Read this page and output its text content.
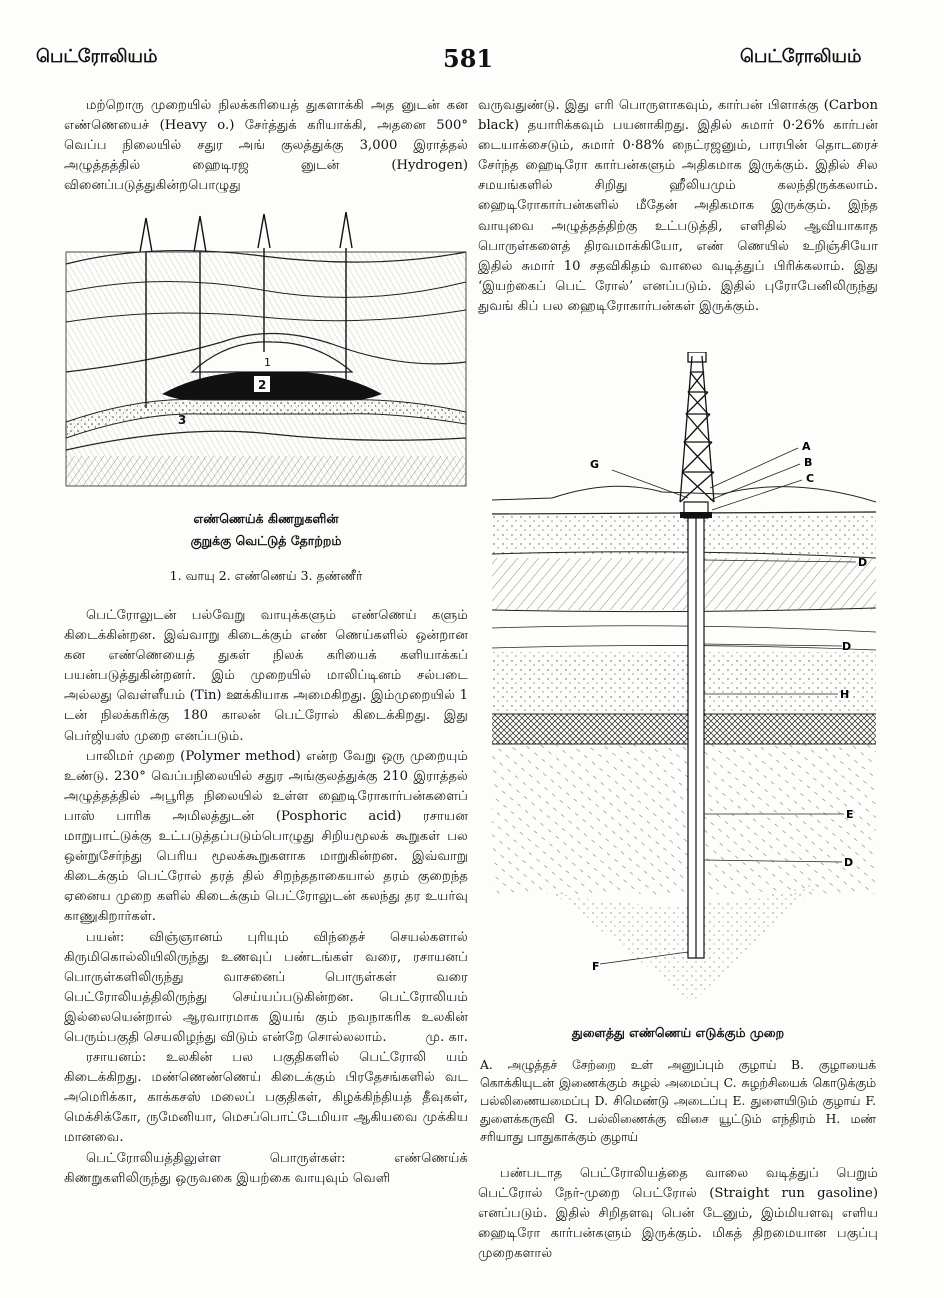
பெட்ரோலியம்	581	பெட்ரோலியம்

மற்றொரு முறையில் நிலக்கரியைத் துகளாக்கி அத னுடன் கன எண்ணெயைச் (Heavy o.) சேர்த்துக் கரியாக்கி, அதனை 500° வெப்ப நிலையில் சதுர அங் குலத்துக்கு 3,000 இராத்தல் அழுத்தத்தில் ஹைடிரஜ னுடன் (Hydrogen) வினைப்படுத்துகின்றபொழுது

1
2
3
எண்ணெய்க் கிணறுகளின்
குறுக்கு வெட்டுத் தோற்றம்
1. வாயு 2. எண்ணெய் 3. தண்ணீர்

பெட்ரோலுடன் பல்வேறு வாயுக்களும் எண்ணெய் களும் கிடைக்கின்றன. இவ்வாறு கிடைக்கும் எண் ணெய்களில் ஒன்றான கன எண்ணெயைத் துகள் நிலக் கரியைக் களியாக்கப் பயன்படுத்துகின்றனர். இம் முறையில் மாலிப்டினம் சல்படை அல்லது வெள்ளீயம் (Tin) ஊக்கியாக அமைகிறது. இம்முறையில் 1 டன் நிலக்கரிக்கு 180 காலன் பெட்ரோல் கிடைக்கிறது. இது பெர்ஜியஸ் முறை எனப்படும்.

பாலிமர் முறை (Polymer method) என்ற வேறு ஒரு முறையும் உண்டு. 230° வெப்பநிலையில் சதுர அங்குலத்துக்கு 210 இராத்தல் அழுத்தத்தில் அபூரித நிலையில் உள்ள ஹைடிரோகார்பன்களைப் பாஸ் பாரிக அமிலத்துடன் (Posphoric acid) ரசாயன மாறுபாட்டுக்கு உட்படுத்தப்படும்பொழுது சிறியமூலக் கூறுகள் பல ஒன்றுசேர்ந்து பெரிய மூலக்கூறுகளாக மாறுகின்றன. இவ்வாறு கிடைக்கும் பெட்ரோல் தரத் தில் சிறந்ததாகையால் தரம் குறைந்த ஏனைய முறை களில் கிடைக்கும் பெட்ரோலுடன் கலந்து தர உயர்வு காணுகிறார்கள்.

பயன்: விஞ்ஞானம் புரியும் விந்தைச் செயல்களால் கிருமிகொல்லியிலிருந்து உணவுப் பண்டங்கள் வரை, ரசாயனப் பொருள்களிலிருந்து வாசனைப் பொருள்கள் வரை பெட்ரோலியத்திலிருந்து செய்யப்படுகின்றன. பெட்ரோலியம் இல்லையென்றால் ஆரவாரமாக இயங் கும் நவநாகரிக உலகின் பெரும்பகுதி செயலிழந்து விடும் என்றே சொல்லலாம்.	மு. கா.

ரசாயனம்: உலகின் பல பகுதிகளில் பெட்ரோலி யம் கிடைக்கிறது. மண்ணெண்ணெய் கிடைக்கும் பிரதேசங்களில் வட அமெரிக்கா, காக்கசஸ் மலைப் பகுதிகள், கிழக்கிந்தியத் தீவுகள், மெக்சிக்கோ, ருமேனியா, மெசப்பொட்டேமியா ஆகியவை முக்கிய மானவை.

பெட்ரோலியத்திலுள்ள பொருள்கள்: எண்ணெய்க் கிணறுகளிலிருந்து ஒருவகை இயற்கை வாயுவும் வெளி

வருவதுண்டு. இது எரி பொருளாகவும், கார்பன் பிளாக்கு (Carbon black) தயாரிக்கவும் பயனாகிறது. இதில் சுமார் 0·26% கார்பன் டையாக்சைடும், சுமார் 0·88% நைட்ரஜனும், பாரபின் தொடரைச் சேர்ந்த ஹைடிரோ கார்பன்களும் அதிகமாக இருக்கும். இதில் சில சமயங்களில் சிறிது ஹீலியமும் கலந்திருக்கலாம். ஹைடிரோகார்பன்களில் மீதேன் அதிகமாக இருக்கும். இந்த வாயுவை அழுத்தத்திற்கு உட்படுத்தி, எளிதில் ஆவியாகாத பொருள்களைத் திரவமாக்கியோ, எண் ணெயில் உறிஞ்சியோ இதில் சுமார் 10 சதவிகிதம் வாலை வடித்துப் பிரிக்கலாம். இது ‘இயற்கைப் பெட் ரோல்’ எனப்படும். இதில் புரோபேனிலிருந்து துவங் கிப் பல ஹைடிரோகார்பன்கள் இருக்கும்.

A
B
C
G
D
D
H
E
D
F
துளைத்து எண்ணெய் எடுக்கும் முறை
A. அழுத்தச் சேற்றை உள் அனுப்பும் குழாய் B. குழாயைக் கொக்கியுடன் இணைக்கும் சுழல் அமைப்பு C. சுழற்சியைக் கொடுக்கும் பல்லிணையமைப்பு D. சிமெண்டு அடைப்பு E. துளையிடும் குழாய் F. துளைக்கருவி G. பல்லிணைக்கு விசை யூட்டும் எந்திரம் H. மண் சரியாது பாதுகாக்கும் குழாய்

பண்படாத பெட்ரோலியத்தை வாலை வடித்துப் பெறும் பெட்ரோல் நேர்-முறை பெட்ரோல் (Straight run gasoline) எனப்படும். இதில் சிறிதளவு பென் டேனும், இம்மியளவு எளிய ஹைடிரோ கார்பன்களும் இருக்கும். மிகத் திறமையான பகுப்பு முறைகளால்
